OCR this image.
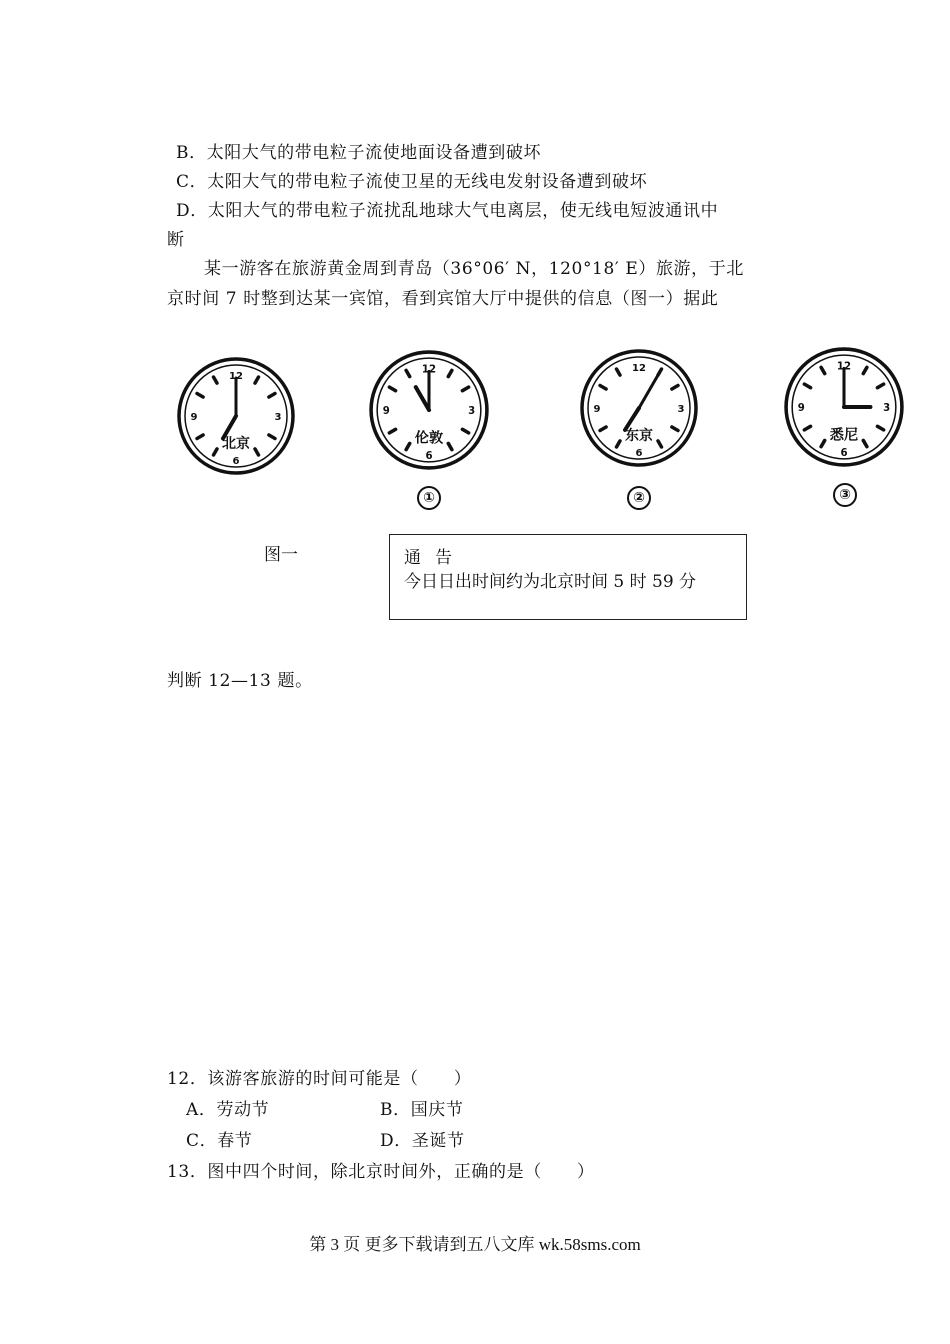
B．太阳大气的带电粒子流使地面设备遭到破坏
C．太阳大气的带电粒子流使卫星的无线电发射设备遭到破坏
D．太阳大气的带电粒子流扰乱地球大气电离层，使无线电短波通讯中
断
某一游客在旅游黄金周到青岛（36°06′ N，120°18′ E）旅游，于北
京时间 7 时整到达某一宾馆，看到宾馆大厅中提供的信息（图一）据此
12
3
6
9
北京
12
3
6
9
伦敦
12
3
6
9
东京
12
3
6
9
悉尼
①	②	③
图一	通告
今日日出时间约为北京时间 5 时 59 分
判断 12—13 题。
12．该游客旅游的时间可能是（　　）
A．劳动节	B．国庆节
C．春节	D．圣诞节
13．图中四个时间，除北京时间外，正确的是（　　）
第 3 页 更多下载请到五八文库 wk.58sms.com
